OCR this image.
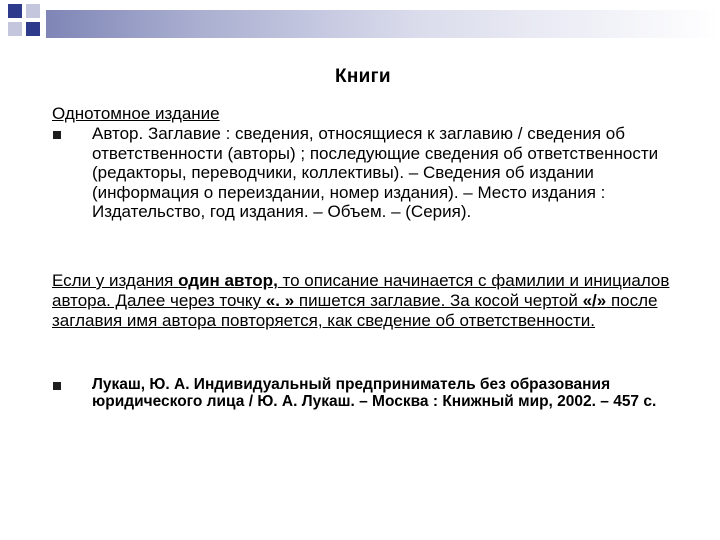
Книги
Однотомное издание
Автор. Заглавие : сведения, относящиеся к заглавию / сведения об ответственности (авторы) ; последующие сведения об ответственности (редакторы, переводчики, коллективы). – Сведения об издании (информация о переиздании, номер издания). – Место издания : Издательство, год издания. – Объем. – (Серия).
Если у издания один автор, то описание начинается с фамилии и инициалов автора. Далее через точку «. » пишется заглавие. За косой чертой «/» после заглавия имя автора повторяется, как сведение об ответственности.
Лукаш, Ю. А. Индивидуальный предприниматель без образования юридического лица / Ю. А. Лукаш. – Москва : Книжный мир, 2002. – 457 с.
